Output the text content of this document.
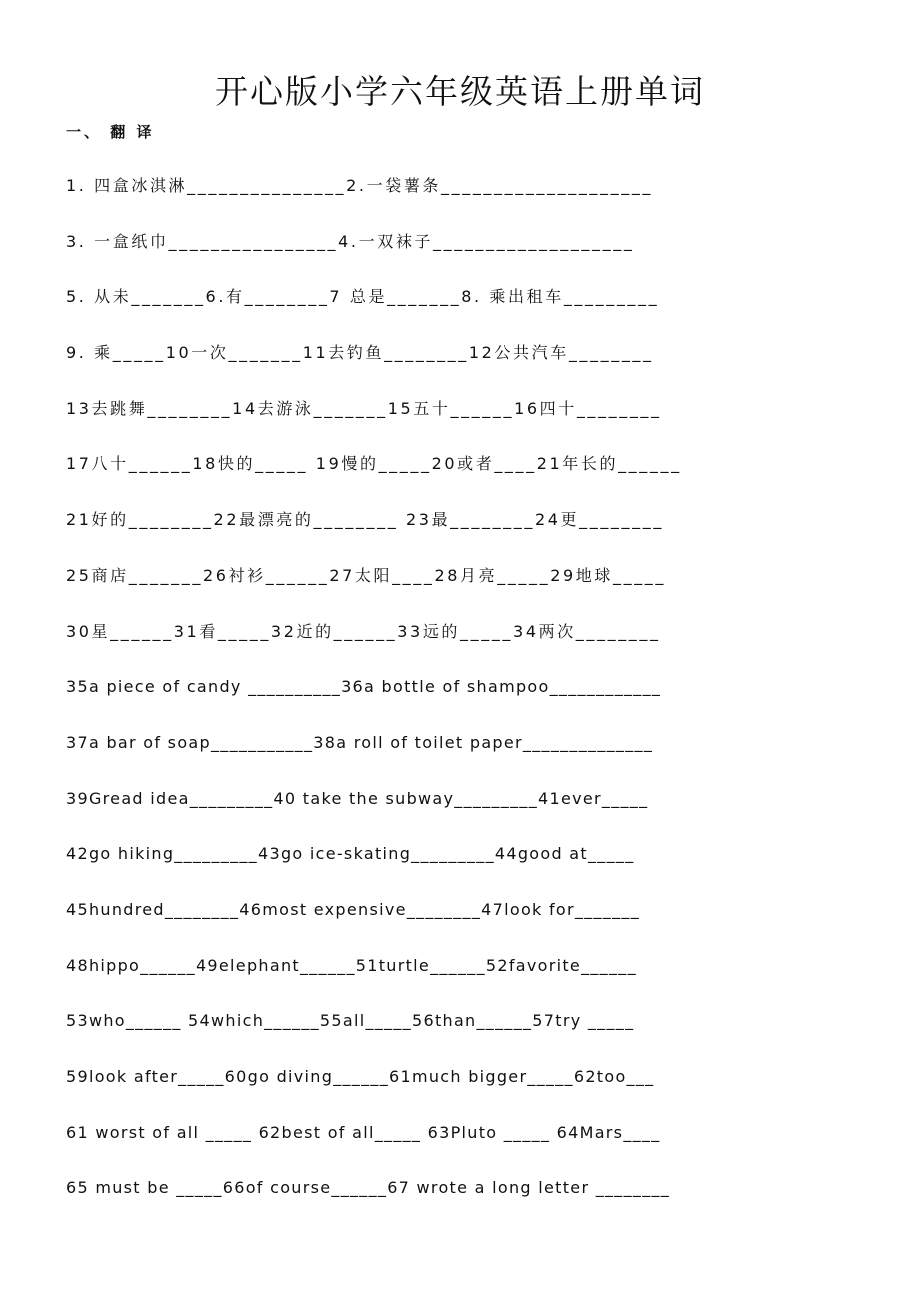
开心版小学六年级英语上册单词
一、 翻 译
1. 四盒冰淇淋_______________2.一袋薯条____________________
3. 一盒纸巾________________4.一双袜子___________________
5. 从未_______6.有________7 总是_______8. 乘出租车_________
9. 乘_____10一次_______11去钓鱼________12公共汽车________
13去跳舞________14去游泳_______15五十______16四十________
17八十______18快的_____ 19慢的_____20或者____21年长的______
21好的________22最漂亮的________ 23最________24更________
25商店_______26衬衫______27太阳____28月亮_____29地球_____
30星______31看_____32近的______33远的_____34两次________
35a piece of candy __________36a bottle of shampoo____________
37a bar of soap___________38a roll of toilet paper______________
39Gread idea_________40 take the subway_________41ever_____
42go hiking_________43go ice-skating_________44good at_____
45hundred________46most expensive________47look for_______
48hippo______49elephant______51turtle______52favorite______
53who______ 54which______55all_____56than______57try _____
59look after_____60go diving______61much bigger_____62too___
61 worst of all _____ 62best of all_____ 63Pluto _____ 64Mars____
65 must be _____66of course______67 wrote a long letter ________
